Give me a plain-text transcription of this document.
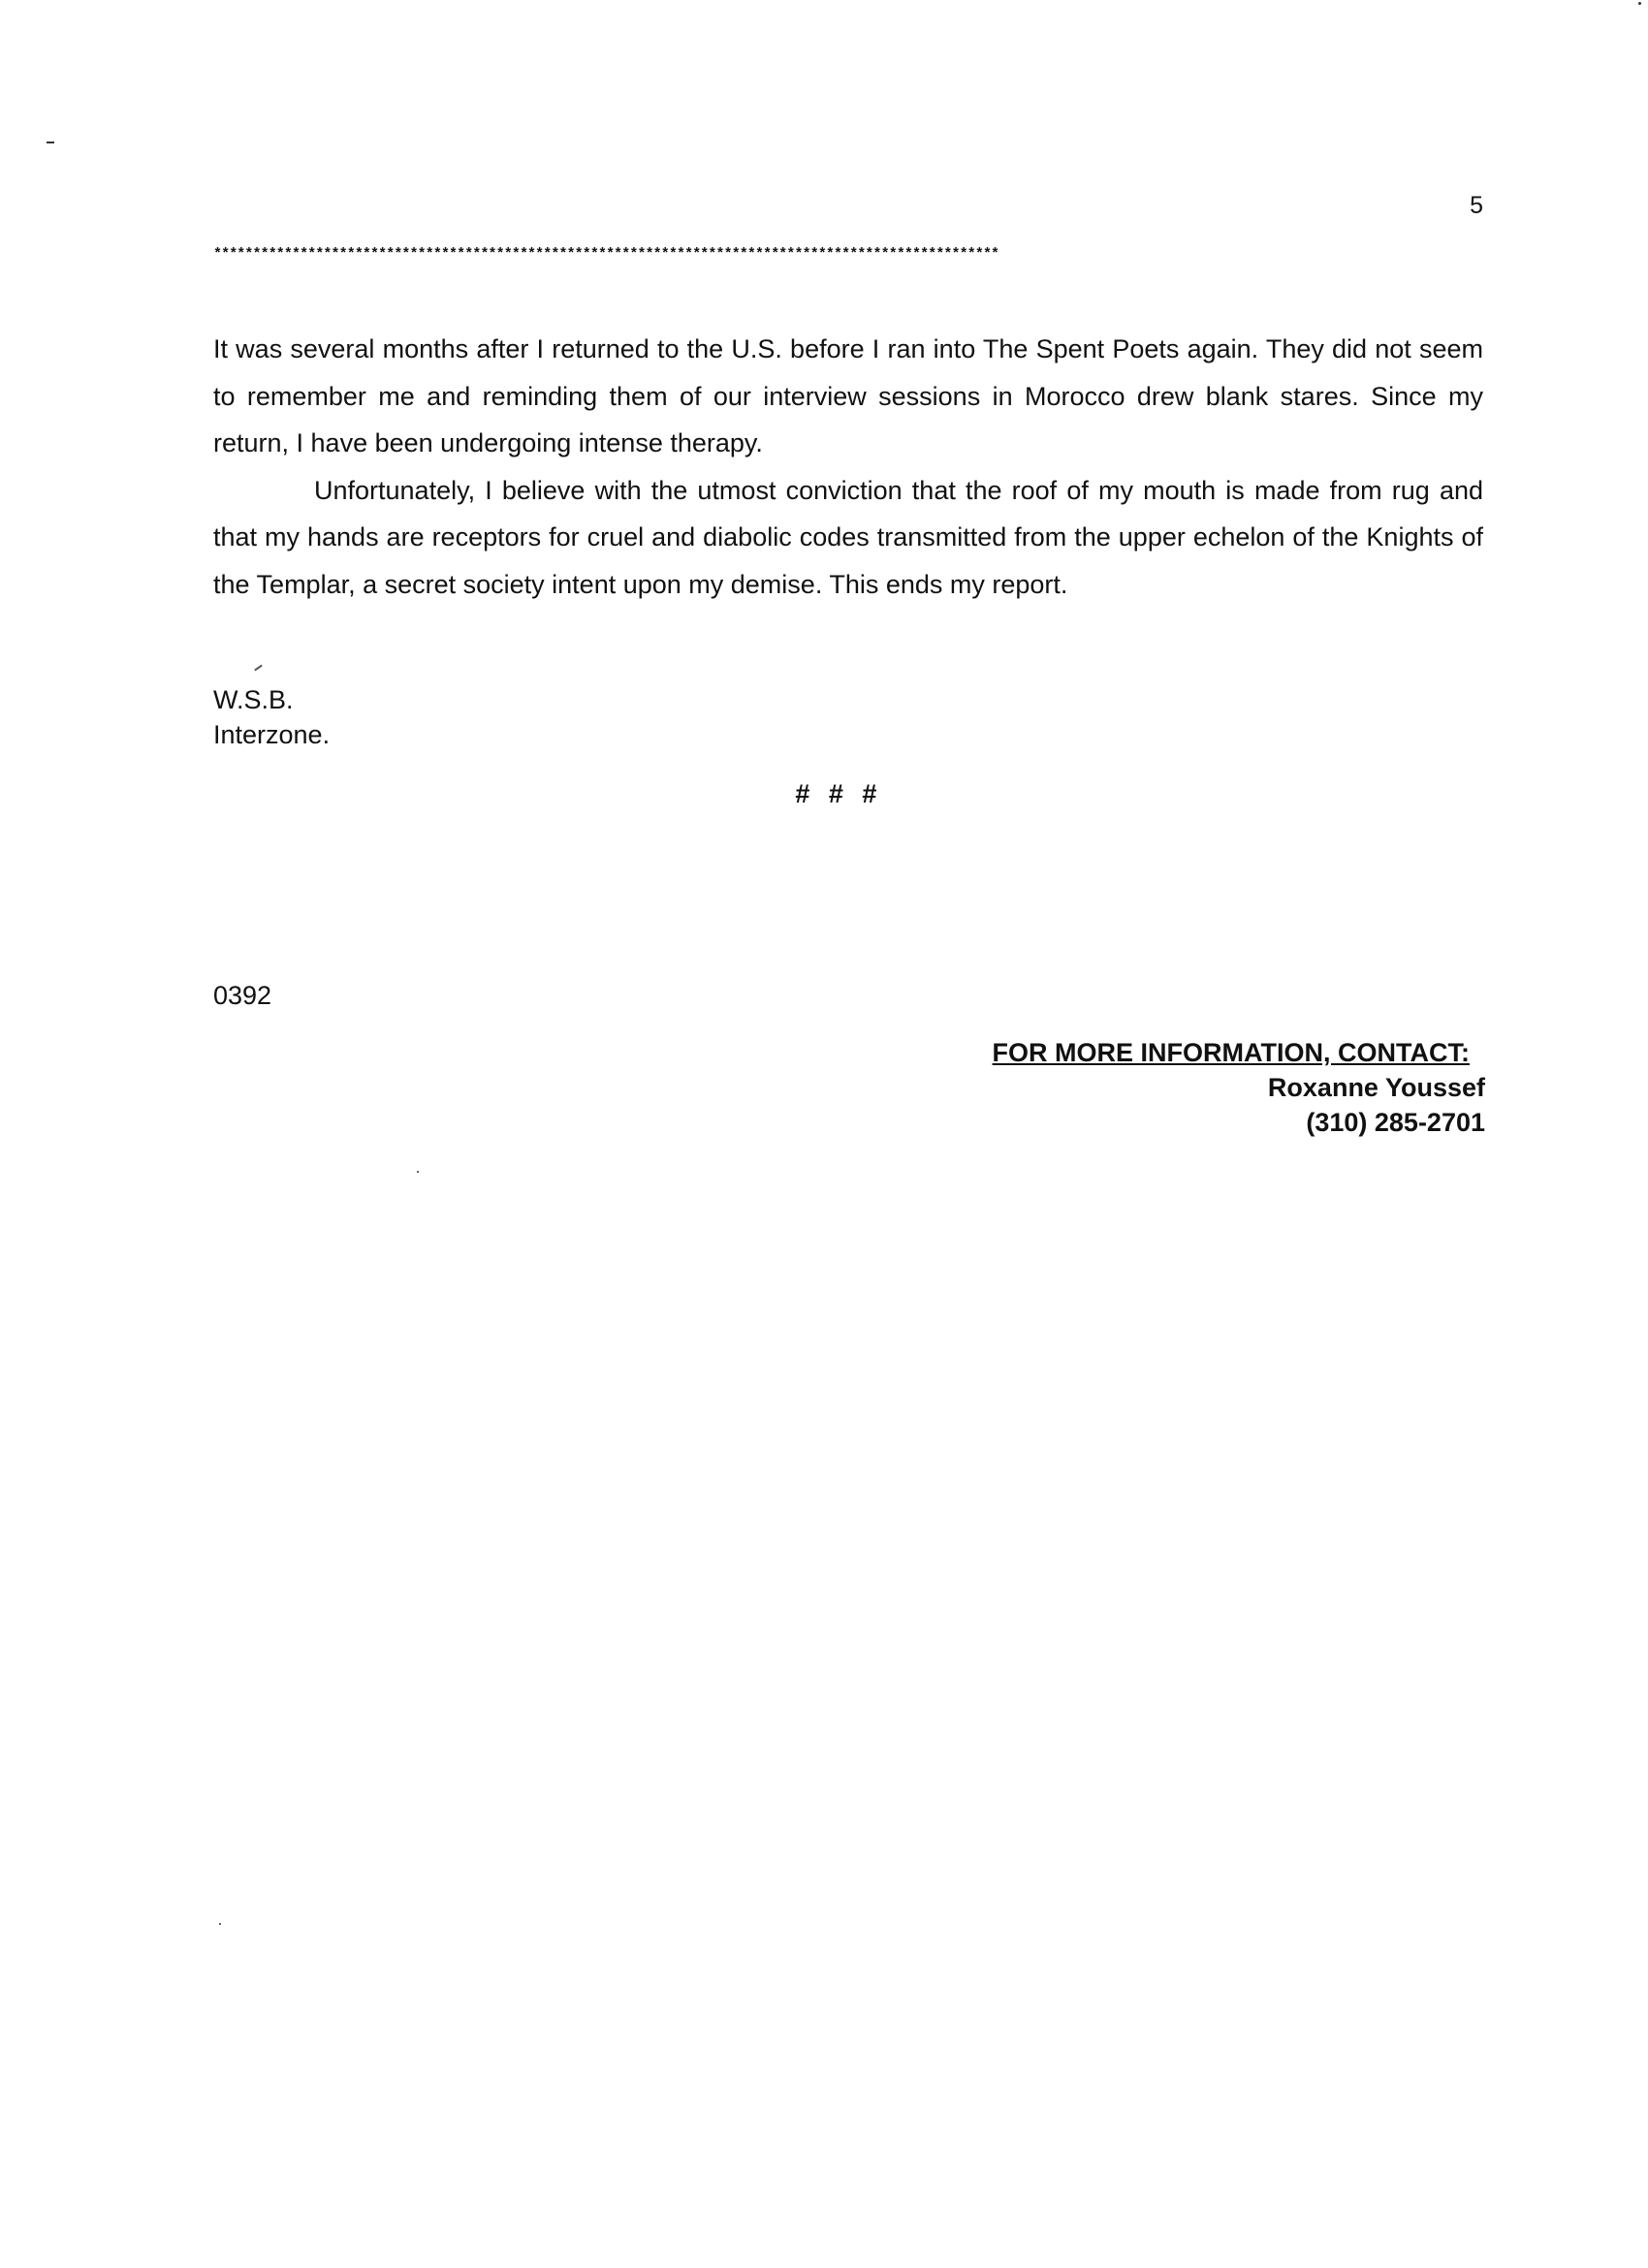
5
****************************************************************************************************

It was several months after I returned to the U.S. before I ran into The Spent Poets again. They did not seem to remember me and reminding them of our interview sessions in Morocco drew blank stares. Since my return, I have been undergoing intense therapy.

Unfortunately, I believe with the utmost conviction that the roof of my mouth is made from rug and that my hands are receptors for cruel and diabolic codes transmitted from the upper echelon of the Knights of the Templar, a secret society intent upon my demise. This ends my report.

W.S.B.
Interzone.
# # #
0392
FOR MORE INFORMATION, CONTACT:
Roxanne Youssef
(310) 285-2701
